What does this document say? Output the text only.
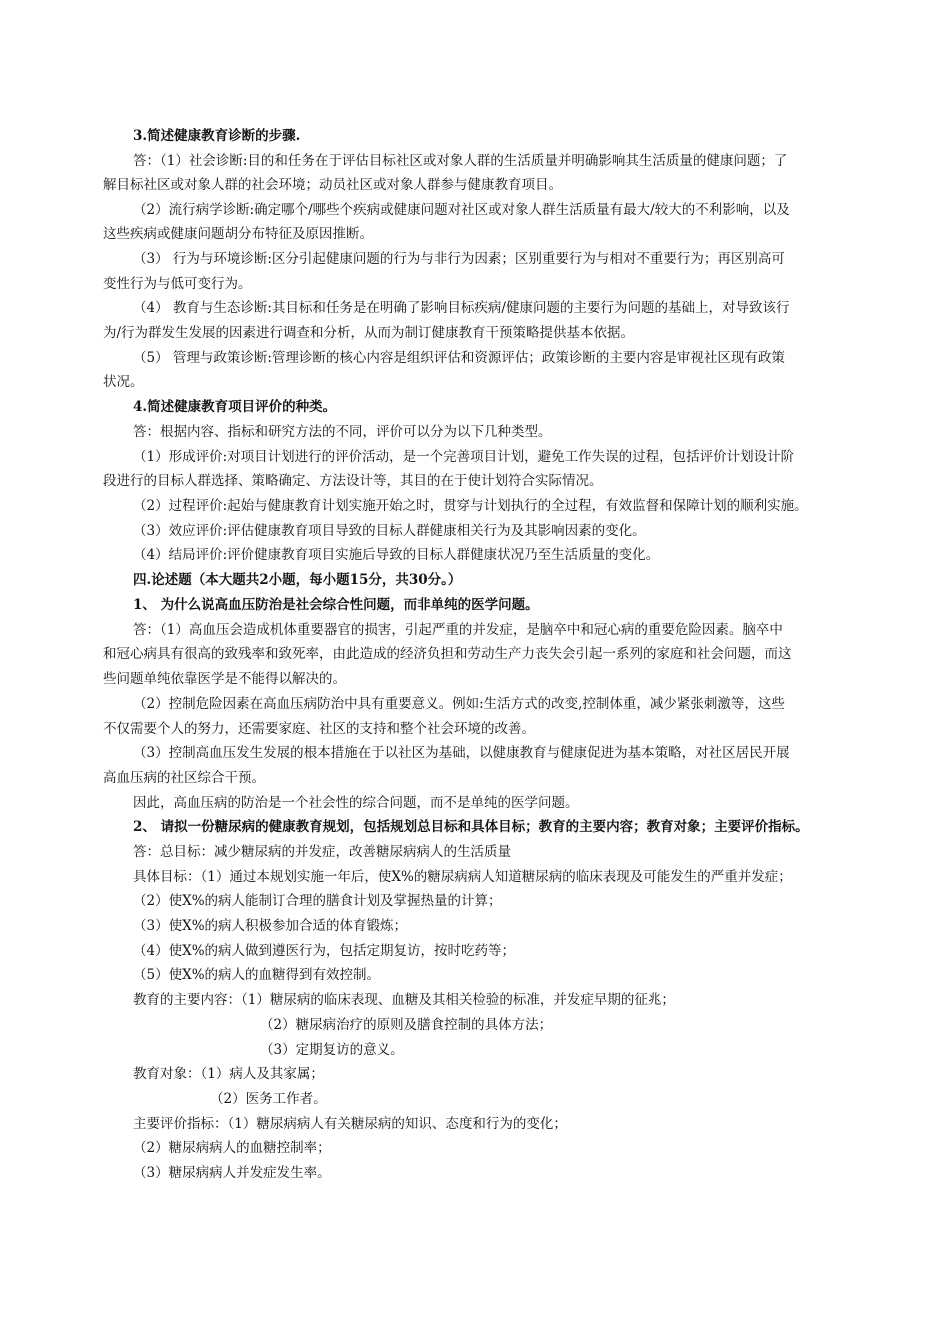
3.简述健康教育诊断的步骤.
答：（1）社会诊断:目的和任务在于评估目标社区或对象人群的生活质量并明确影响其生活质量的健康问题；了
解目标社区或对象人群的社会环境；动员社区或对象人群参与健康教育项目。
（2）流行病学诊断:确定哪个/哪些个疾病或健康问题对社区或对象人群生活质量有最大/较大的不利影响，以及
这些疾病或健康问题胡分布特征及原因推断。
（3） 行为与环境诊断:区分引起健康问题的行为与非行为因素；区别重要行为与相对不重要行为；再区别高可
变性行为与低可变行为。
（4） 教育与生态诊断:其目标和任务是在明确了影响目标疾病/健康问题的主要行为问题的基础上，对导致该行
为/行为群发生发展的因素进行调查和分析，从而为制订健康教育干预策略提供基本依据。
（5） 管理与政策诊断:管理诊断的核心内容是组织评估和资源评估；政策诊断的主要内容是审视社区现有政策
状况。
4.简述健康教育项目评价的种类。
答：根据内容、指标和研究方法的不同，评价可以分为以下几种类型。
（1）形成评价:对项目计划进行的评价活动，是一个完善项目计划，避免工作失误的过程，包括评价计划设计阶
段进行的目标人群选择、策略确定、方法设计等，其目的在于使计划符合实际情况。
（2）过程评价:起始与健康教育计划实施开始之时，贯穿与计划执行的全过程，有效监督和保障计划的顺利实施。
（3）效应评价:评估健康教育项目导致的目标人群健康相关行为及其影响因素的变化。
（4）结局评价:评价健康教育项目实施后导致的目标人群健康状况乃至生活质量的变化。
四.论述题（本大题共2小题，每小题15分，共30分。）
1、 为什么说高血压防治是社会综合性问题，而非单纯的医学问题。
答：（1）高血压会造成机体重要器官的损害，引起严重的并发症，是脑卒中和冠心病的重要危险因素。脑卒中
和冠心病具有很高的致残率和致死率，由此造成的经济负担和劳动生产力丧失会引起一系列的家庭和社会问题，而这
些问题单纯依靠医学是不能得以解决的。
（2）控制危险因素在高血压病防治中具有重要意义。例如:生活方式的改变,控制体重，减少紧张刺激等，这些
不仅需要个人的努力，还需要家庭、社区的支持和整个社会环境的改善。
（3）控制高血压发生发展的根本措施在于以社区为基础，以健康教育与健康促进为基本策略，对社区居民开展
高血压病的社区综合干预。
因此，高血压病的防治是一个社会性的综合问题，而不是单纯的医学问题。
2、 请拟一份糖尿病的健康教育规划，包括规划总目标和具体目标；教育的主要内容；教育对象；主要评价指标。
答：总目标：减少糖尿病的并发症，改善糖尿病病人的生活质量
具体目标：（1）通过本规划实施一年后，使X%的糖尿病病人知道糖尿病的临床表现及可能发生的严重并发症；
（2）使X%的病人能制订合理的膳食计划及掌握热量的计算；
（3）使X%的病人积极参加合适的体育锻炼；
（4）使X%的病人做到遵医行为，包括定期复访，按时吃药等；
（5）使X%的病人的血糖得到有效控制。
教育的主要内容：（1）糖尿病的临床表现、血糖及其相关检验的标准，并发症早期的征兆；
（2）糖尿病治疗的原则及膳食控制的具体方法；
（3）定期复访的意义。
教育对象：（1）病人及其家属；
（2）医务工作者。
主要评价指标：（1）糖尿病病人有关糖尿病的知识、态度和行为的变化；
（2）糖尿病病人的血糖控制率；
（3）糖尿病病人并发症发生率。
